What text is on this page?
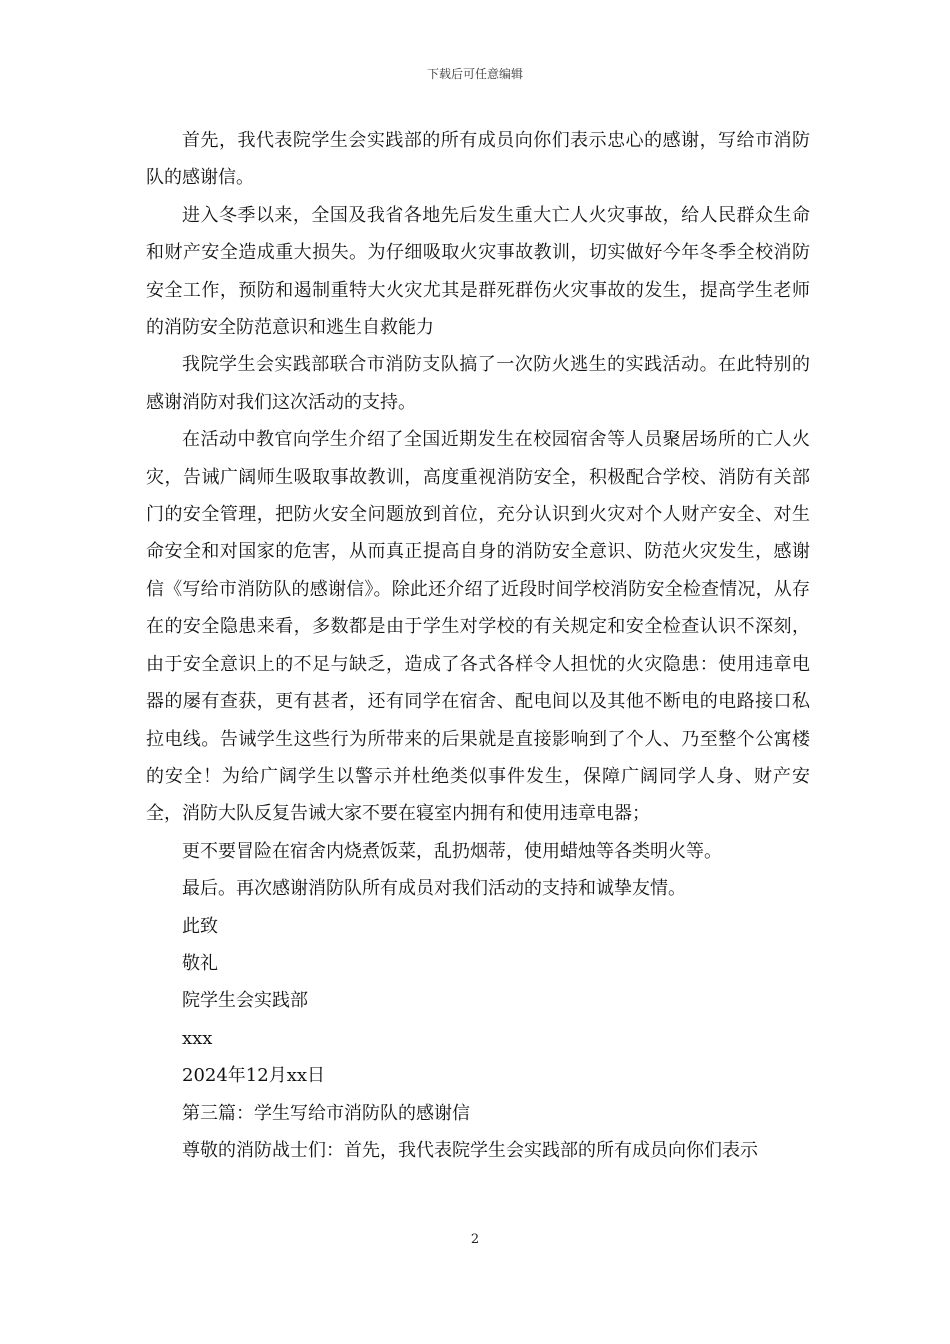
下载后可任意编辑

首先，我代表院学生会实践部的所有成员向你们表示忠心的感谢，写给市消防队的感谢信。

进入冬季以来，全国及我省各地先后发生重大亡人火灾事故，给人民群众生命和财产安全造成重大损失。为仔细吸取火灾事故教训，切实做好今年冬季全校消防安全工作，预防和遏制重特大火灾尤其是群死群伤火灾事故的发生，提高学生老师的消防安全防范意识和逃生自救能力

我院学生会实践部联合市消防支队搞了一次防火逃生的实践活动。在此特别的感谢消防对我们这次活动的支持。

在活动中教官向学生介绍了全国近期发生在校园宿舍等人员聚居场所的亡人火灾，告诫广阔师生吸取事故教训，高度重视消防安全，积极配合学校、消防有关部门的安全管理，把防火安全问题放到首位，充分认识到火灾对个人财产安全、对生命安全和对国家的危害，从而真正提高自身的消防安全意识、防范火灾发生，感谢信《写给市消防队的感谢信》。除此还介绍了近段时间学校消防安全检查情况，从存在的安全隐患来看，多数都是由于学生对学校的有关规定和安全检查认识不深刻，由于安全意识上的不足与缺乏，造成了各式各样令人担忧的火灾隐患：使用违章电器的屡有查获，更有甚者，还有同学在宿舍、配电间以及其他不断电的电路接口私拉电线。告诫学生这些行为所带来的后果就是直接影响到了个人、乃至整个公寓楼的安全！为给广阔学生以警示并杜绝类似事件发生，保障广阔同学人身、财产安全，消防大队反复告诫大家不要在寝室内拥有和使用违章电器；

更不要冒险在宿舍内烧煮饭菜，乱扔烟蒂，使用蜡烛等各类明火等。

最后。再次感谢消防队所有成员对我们活动的支持和诚挚友情。

此致

敬礼

院学生会实践部

xxx

2024年12月xx日

第三篇：学生写给市消防队的感谢信

尊敬的消防战士们：首先，我代表院学生会实践部的所有成员向你们表示

2
